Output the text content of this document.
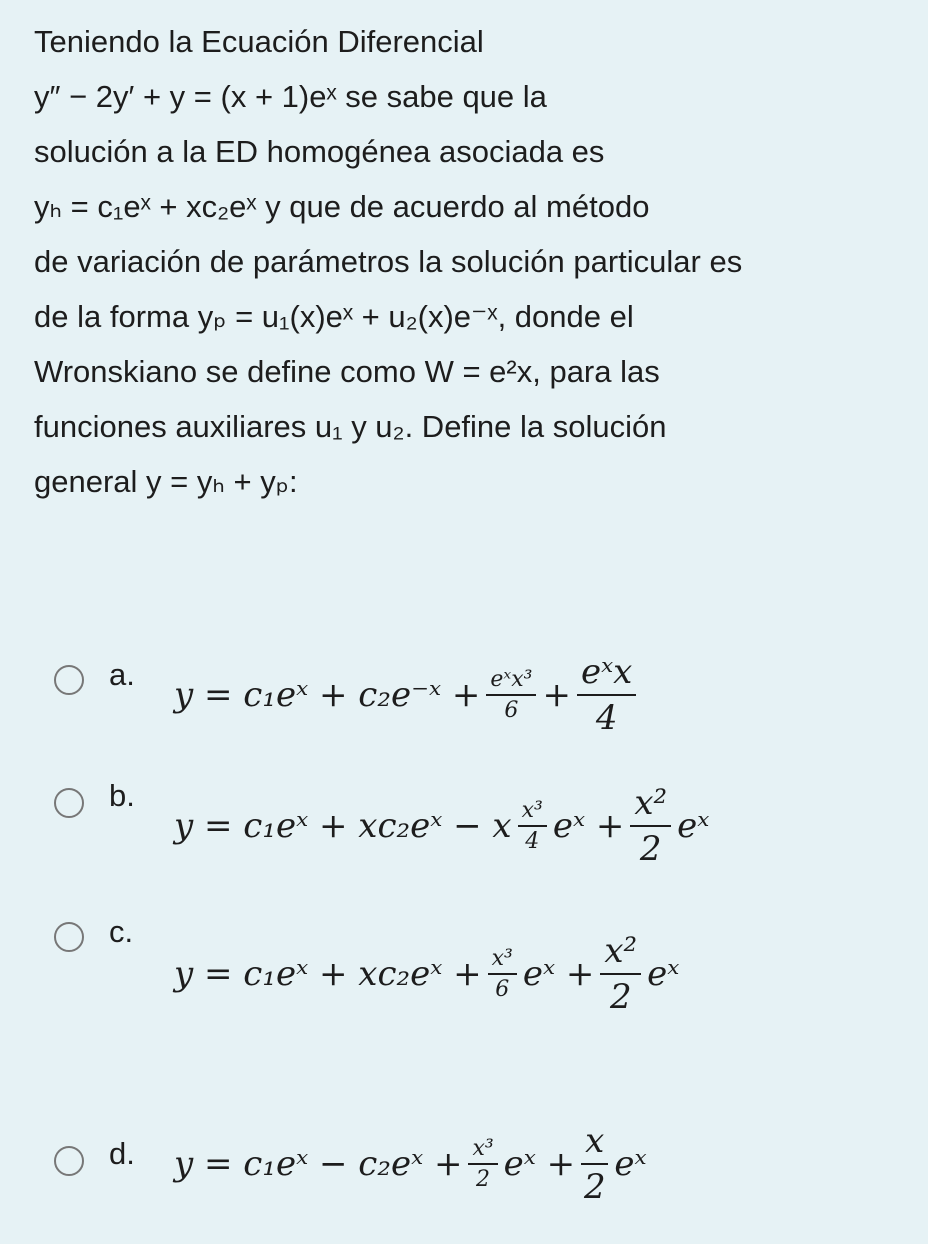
Teniendo la Ecuación Diferencial
y″ − 2y′ + y = (x + 1)eˣ se sabe que la
solución a la ED homogénea asociada es
yₕ = c₁eˣ + xc₂eˣ y que de acuerdo al método
de variación de parámetros la solución particular es
de la forma yₚ = u₁(x)eˣ + u₂(x)e⁻ˣ, donde el
Wronskiano se define como W = e²x, para las
funciones auxiliares u₁ y u₂. Define la solución
general y = yₕ + yₚ:
a.
y = c₁eˣ + c₂e⁻ˣ + $\frac{\text{eˣx³}}{6} + \frac{\text{eˣx}}{4}$
b.
y = c₁eˣ + xc₂eˣ − x $\frac{\text{x³}}{4}$ eˣ + $\frac{\text{x²}}{2}$ eˣ
c.
y = c₁eˣ + xc₂eˣ + $\frac{\text{x³}}{6}$ eˣ + $\frac{\text{x²}}{2}$ eˣ
d. y = c₁eˣ − c₂eˣ + $\frac{\text{x³}}{2}$ eˣ + $\frac{x}{2}$ eˣ
